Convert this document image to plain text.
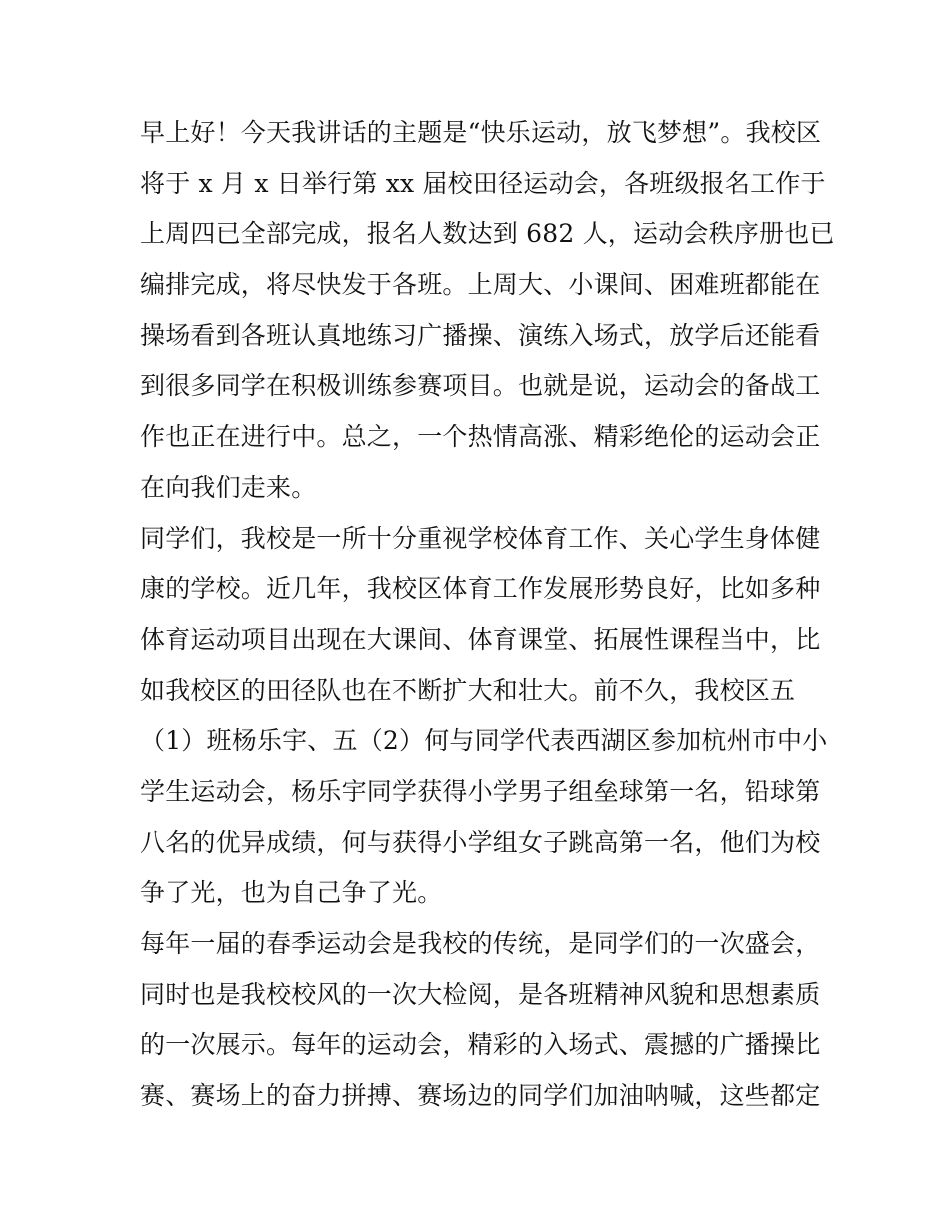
早上好！今天我讲话的主题是“快乐运动，放飞梦想”。我校区
将于 x 月 x 日举行第 xx 届校田径运动会，各班级报名工作于
上周四已全部完成，报名人数达到 682 人，运动会秩序册也已
编排完成，将尽快发于各班。上周大、小课间、困难班都能在
操场看到各班认真地练习广播操、演练入场式，放学后还能看
到很多同学在积极训练参赛项目。也就是说，运动会的备战工
作也正在进行中。总之，一个热情高涨、精彩绝伦的运动会正
在向我们走来。
同学们，我校是一所十分重视学校体育工作、关心学生身体健
康的学校。近几年，我校区体育工作发展形势良好，比如多种
体育运动项目出现在大课间、体育课堂、拓展性课程当中，比
如我校区的田径队也在不断扩大和壮大。前不久，我校区五
（1）班杨乐宇、五（2）何与同学代表西湖区参加杭州市中小
学生运动会，杨乐宇同学获得小学男子组垒球第一名，铅球第
八名的优异成绩，何与获得小学组女子跳高第一名，他们为校
争了光，也为自己争了光。
每年一届的春季运动会是我校的传统，是同学们的一次盛会，
同时也是我校校风的一次大检阅，是各班精神风貌和思想素质
的一次展示。每年的运动会，精彩的入场式、震撼的广播操比
赛、赛场上的奋力拼搏、赛场边的同学们加油呐喊，这些都定
